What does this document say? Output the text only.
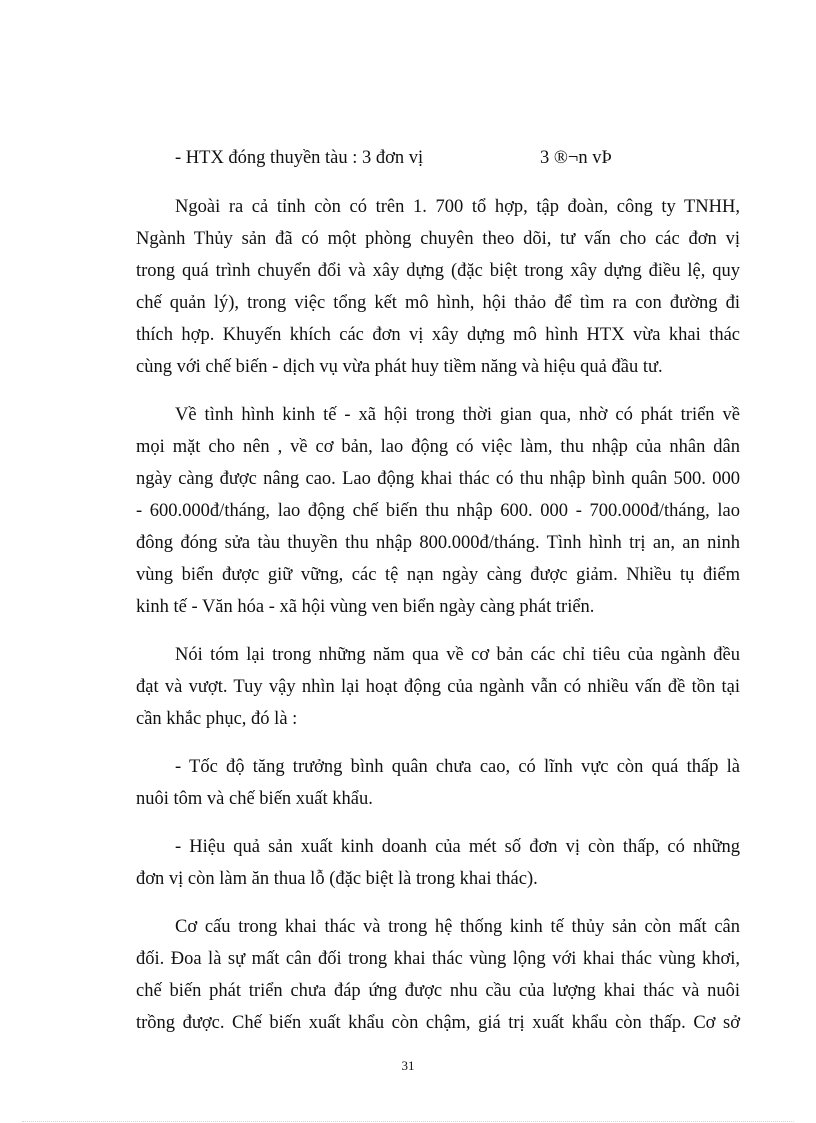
- HTX đóng thuyền tàu : 3 đơn vị	3 ®¬n vÞ
Ngoài ra cả tỉnh còn có trên 1. 700 tổ hợp, tập đoàn, công ty TNHH,
Ngành Thủy sản đã có một phòng chuyên theo dõi, tư vấn cho các đơn vị
trong quá trình chuyển đổi và xây dựng (đặc biệt trong xây dựng điều lệ, quy
chế quản lý), trong việc tổng kết mô hình, hội thảo để tìm ra con đường đi
thích hợp. Khuyến khích các đơn vị xây dựng mô hình HTX vừa khai thác
cùng với chế biến - dịch vụ vừa phát huy tiềm năng và hiệu quả đầu tư.
Về tình hình kinh tế - xã hội trong thời gian qua, nhờ có phát triển về
mọi mặt cho nên , về cơ bản, lao động có việc làm, thu nhập của nhân dân
ngày càng được nâng cao. Lao động khai thác có thu nhập bình quân 500. 000
- 600.000đ/tháng, lao động chế biến thu nhập 600. 000 - 700.000đ/tháng, lao
đông đóng sửa tàu thuyền thu nhập 800.000đ/tháng. Tình hình trị an, an ninh
vùng biển được giữ vững, các tệ nạn ngày càng được giảm. Nhiều tụ điểm
kinh tế - Văn hóa - xã hội vùng ven biển ngày càng phát triển.
Nói tóm lại trong những năm qua về cơ bản các chỉ tiêu của ngành đều
đạt và vượt. Tuy vậy nhìn lại hoạt động của ngành vẫn có nhiều vấn đề tồn tại
cần khắc phục, đó là :
- Tốc độ tăng trưởng bình quân chưa cao, có lĩnh vực còn quá thấp là
nuôi tôm và chế biến xuất khẩu.
- Hiệu quả sản xuất kinh doanh của mét số đơn vị còn thấp, có những
đơn vị còn làm ăn thua lỗ (đặc biệt là trong khai thác).
Cơ cấu trong khai thác và trong hệ thống kinh tế thủy sản còn mất cân
đối. Đoa là sự mất cân đối trong khai thác vùng lộng với khai thác vùng khơi,
chế biến phát triển chưa đáp ứng được nhu cầu của lượng khai thác và nuôi
trồng được. Chế biến xuất khẩu còn chậm, giá trị xuất khẩu còn thấp. Cơ sở
31
